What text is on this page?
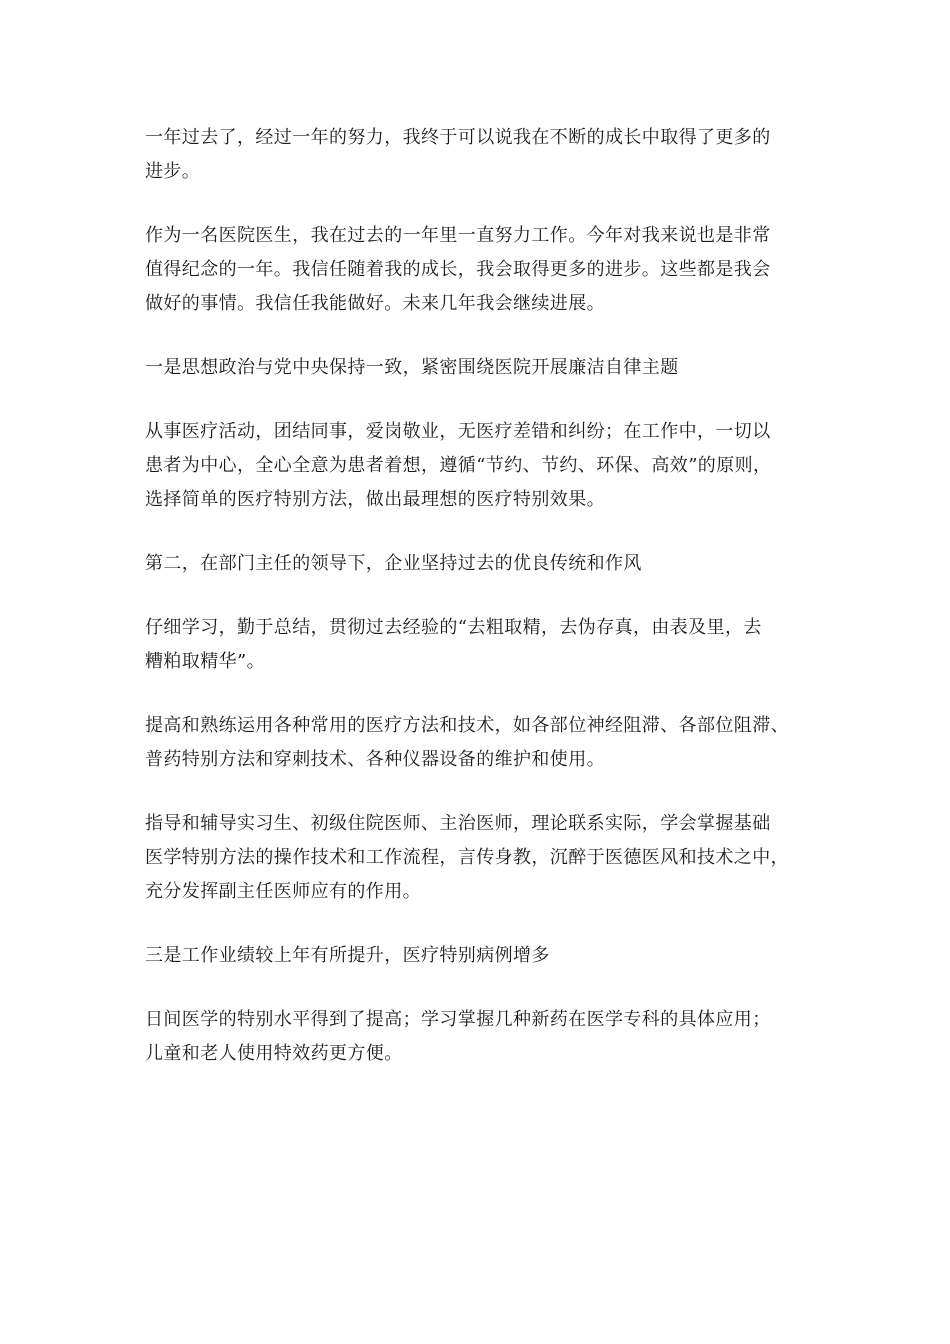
一年过去了，经过一年的努力，我终于可以说我在不断的成长中取得了更多的
进步。

作为一名医院医生，我在过去的一年里一直努力工作。今年对我来说也是非常
值得纪念的一年。我信任随着我的成长，我会取得更多的进步。这些都是我会
做好的事情。我信任我能做好。未来几年我会继续进展。

一是思想政治与党中央保持一致，紧密围绕医院开展廉洁自律主题

从事医疗活动，团结同事，爱岗敬业，无医疗差错和纠纷；在工作中，一切以
患者为中心，全心全意为患者着想，遵循“节约、节约、环保、高效”的原则，
选择简单的医疗特别方法，做出最理想的医疗特别效果。

第二，在部门主任的领导下，企业坚持过去的优良传统和作风

仔细学习，勤于总结，贯彻过去经验的“去粗取精，去伪存真，由表及里，去
糟粕取精华”。

提高和熟练运用各种常用的医疗方法和技术，如各部位神经阻滞、各部位阻滞、
普药特别方法和穿刺技术、各种仪器设备的维护和使用。

指导和辅导实习生、初级住院医师、主治医师，理论联系实际，学会掌握基础
医学特别方法的操作技术和工作流程，言传身教，沉醉于医德医风和技术之中，
充分发挥副主任医师应有的作用。

三是工作业绩较上年有所提升，医疗特别病例增多

日间医学的特别水平得到了提高；学习掌握几种新药在医学专科的具体应用；
儿童和老人使用特效药更方便。
